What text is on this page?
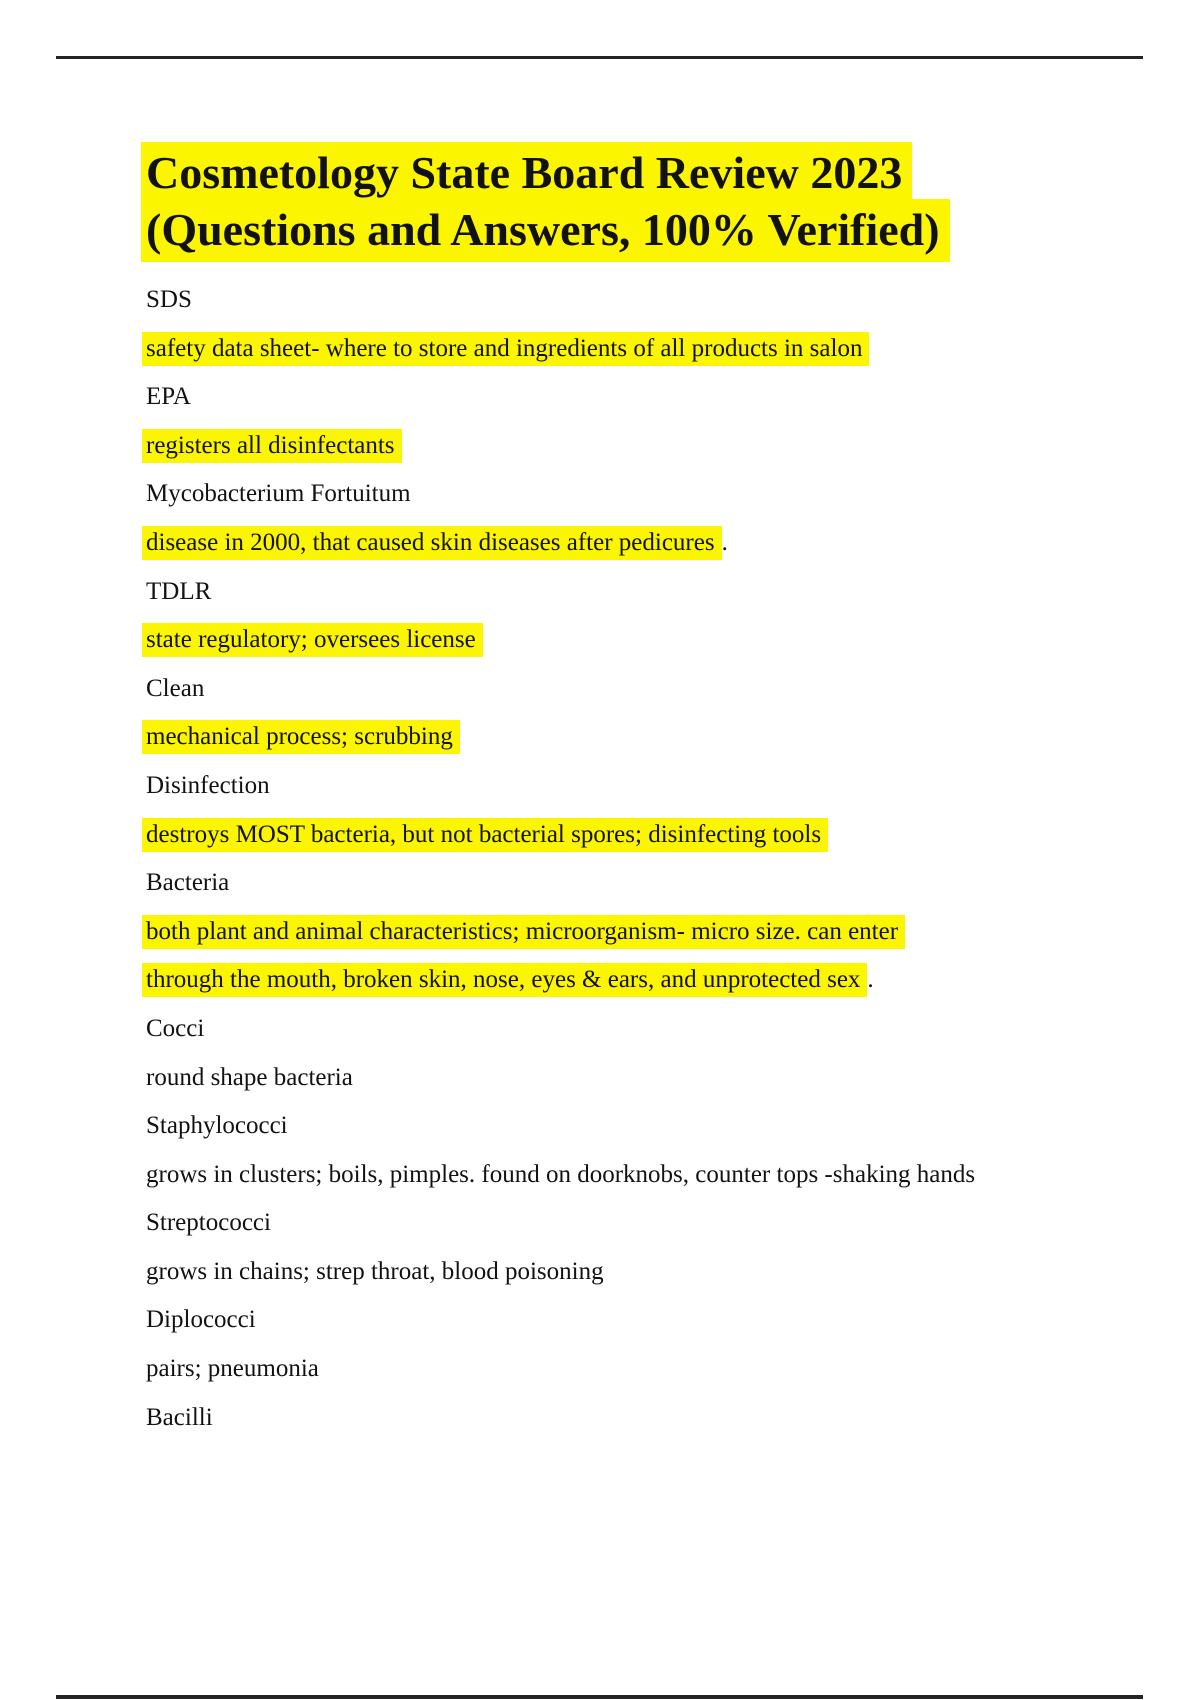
Cosmetology State Board Review 2023
(Questions and Answers, 100% Verified)
SDS
safety data sheet- where to store and ingredients of all products in salon
EPA
registers all disinfectants
Mycobacterium Fortuitum
disease in 2000, that caused skin diseases after pedicures .
TDLR
state regulatory; oversees license
Clean
mechanical process; scrubbing
Disinfection
destroys MOST bacteria, but not bacterial spores; disinfecting tools
Bacteria
both plant and animal characteristics; microorganism- micro size. can enter
through the mouth, broken skin, nose, eyes & ears, and unprotected sex .
Cocci
round shape bacteria
Staphylococci
grows in clusters; boils, pimples. found on doorknobs, counter tops -shaking hands
Streptococci
grows in chains; strep throat, blood poisoning
Diplococci
pairs; pneumonia
Bacilli
